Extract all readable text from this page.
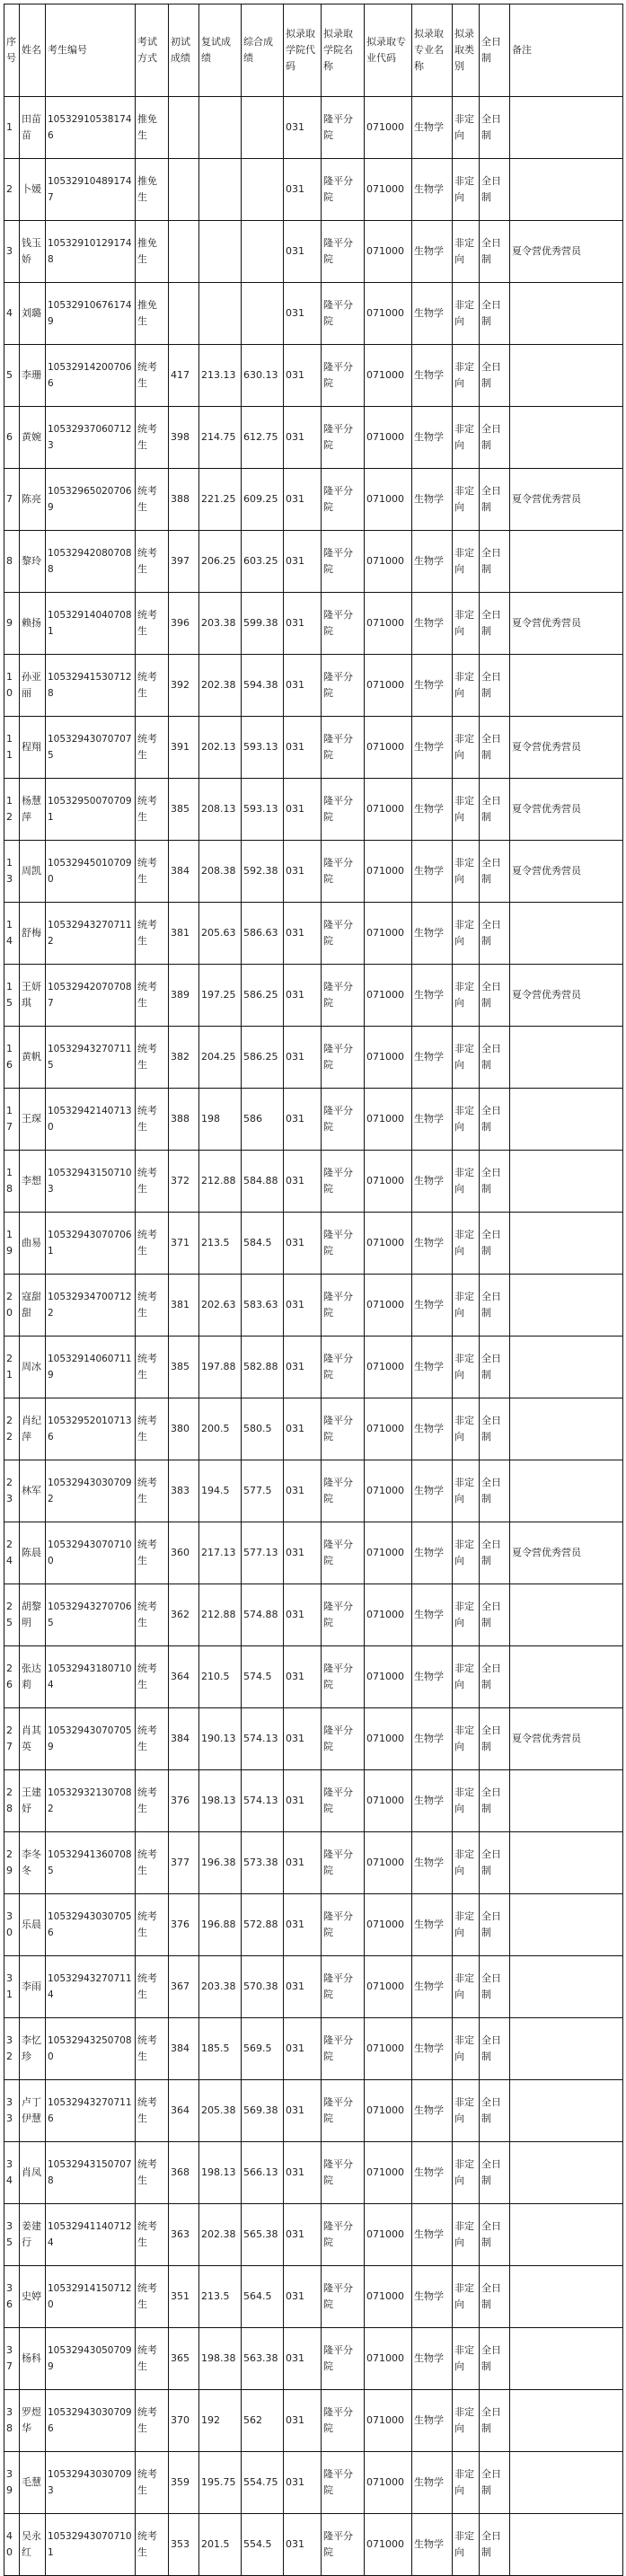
序号	姓名	考生编号	考试方式	初试成绩	复试成绩	综合成绩	拟录取学院代码	拟录取学院名称	拟录取专业代码	拟录取专业名称	拟录取类别	全日制	备注
1	田苗苗	105329105381746	推免生				031	隆平分院	071000	生物学	非定向	全日制	
2	卜媛	105329104891747	推免生				031	隆平分院	071000	生物学	非定向	全日制	
3	钱玉娇	105329101291748	推免生				031	隆平分院	071000	生物学	非定向	全日制	夏令营优秀营员
4	刘璐	105329106761749	推免生				031	隆平分院	071000	生物学	非定向	全日制	
5	李珊	105329142007066	统考生	417	213.13	630.13	031	隆平分院	071000	生物学	非定向	全日制	
6	黄婉	105329370607123	统考生	398	214.75	612.75	031	隆平分院	071000	生物学	非定向	全日制	
7	陈亮	105329650207069	统考生	388	221.25	609.25	031	隆平分院	071000	生物学	非定向	全日制	夏令营优秀营员
8	黎玲	105329420807088	统考生	397	206.25	603.25	031	隆平分院	071000	生物学	非定向	全日制	
9	赖扬	105329140407081	统考生	396	203.38	599.38	031	隆平分院	071000	生物学	非定向	全日制	夏令营优秀营员
10	孙亚丽	105329415307128	统考生	392	202.38	594.38	031	隆平分院	071000	生物学	非定向	全日制	
11	程翔	105329430707075	统考生	391	202.13	593.13	031	隆平分院	071000	生物学	非定向	全日制	夏令营优秀营员
12	杨慧萍	105329500707091	统考生	385	208.13	593.13	031	隆平分院	071000	生物学	非定向	全日制	夏令营优秀营员
13	周凯	105329450107090	统考生	384	208.38	592.38	031	隆平分院	071000	生物学	非定向	全日制	夏令营优秀营员
14	舒梅	105329432707112	统考生	381	205.63	586.63	031	隆平分院	071000	生物学	非定向	全日制	
15	王妍琪	105329420707087	统考生	389	197.25	586.25	031	隆平分院	071000	生物学	非定向	全日制	夏令营优秀营员
16	黄帆	105329432707115	统考生	382	204.25	586.25	031	隆平分院	071000	生物学	非定向	全日制	
17	王琛	105329421407130	统考生	388	198	586	031	隆平分院	071000	生物学	非定向	全日制	
18	李想	105329431507103	统考生	372	212.88	584.88	031	隆平分院	071000	生物学	非定向	全日制	
19	曲易	105329430707061	统考生	371	213.5	584.5	031	隆平分院	071000	生物学	非定向	全日制	
20	寇甜甜	105329347007122	统考生	381	202.63	583.63	031	隆平分院	071000	生物学	非定向	全日制	
21	周冰	105329140607119	统考生	385	197.88	582.88	031	隆平分院	071000	生物学	非定向	全日制	
22	肖纪萍	105329520107136	统考生	380	200.5	580.5	031	隆平分院	071000	生物学	非定向	全日制	
23	林军	105329430307092	统考生	383	194.5	577.5	031	隆平分院	071000	生物学	非定向	全日制	
24	陈晨	105329430707100	统考生	360	217.13	577.13	031	隆平分院	071000	生物学	非定向	全日制	夏令营优秀营员
25	胡黎明	105329432707065	统考生	362	212.88	574.88	031	隆平分院	071000	生物学	非定向	全日制	
26	张达莉	105329431807104	统考生	364	210.5	574.5	031	隆平分院	071000	生物学	非定向	全日制	
27	肖其英	105329430707059	统考生	384	190.13	574.13	031	隆平分院	071000	生物学	非定向	全日制	夏令营优秀营员
28	王建妤	105329321307082	统考生	376	198.13	574.13	031	隆平分院	071000	生物学	非定向	全日制	
29	李冬冬	105329413607085	统考生	377	196.38	573.38	031	隆平分院	071000	生物学	非定向	全日制	
30	乐晨	105329430307056	统考生	376	196.88	572.88	031	隆平分院	071000	生物学	非定向	全日制	
31	李雨	105329432707114	统考生	367	203.38	570.38	031	隆平分院	071000	生物学	非定向	全日制	
32	李忆珍	105329432507080	统考生	384	185.5	569.5	031	隆平分院	071000	生物学	非定向	全日制	
33	卢丁伊慧	105329432707116	统考生	364	205.38	569.38	031	隆平分院	071000	生物学	非定向	全日制	
34	肖凤	105329431507078	统考生	368	198.13	566.13	031	隆平分院	071000	生物学	非定向	全日制	
35	姜建行	105329411407124	统考生	363	202.38	565.38	031	隆平分院	071000	生物学	非定向	全日制	
36	史婷	105329141507120	统考生	351	213.5	564.5	031	隆平分院	071000	生物学	非定向	全日制	
37	杨科	105329430507099	统考生	365	198.38	563.38	031	隆平分院	071000	生物学	非定向	全日制	
38	罗煜华	105329430307096	统考生	370	192	562	031	隆平分院	071000	生物学	非定向	全日制	
39	毛慧	105329430307093	统考生	359	195.75	554.75	031	隆平分院	071000	生物学	非定向	全日制	
40	吴永红	105329430707101	统考生	353	201.5	554.5	031	隆平分院	071000	生物学	非定向	全日制	
